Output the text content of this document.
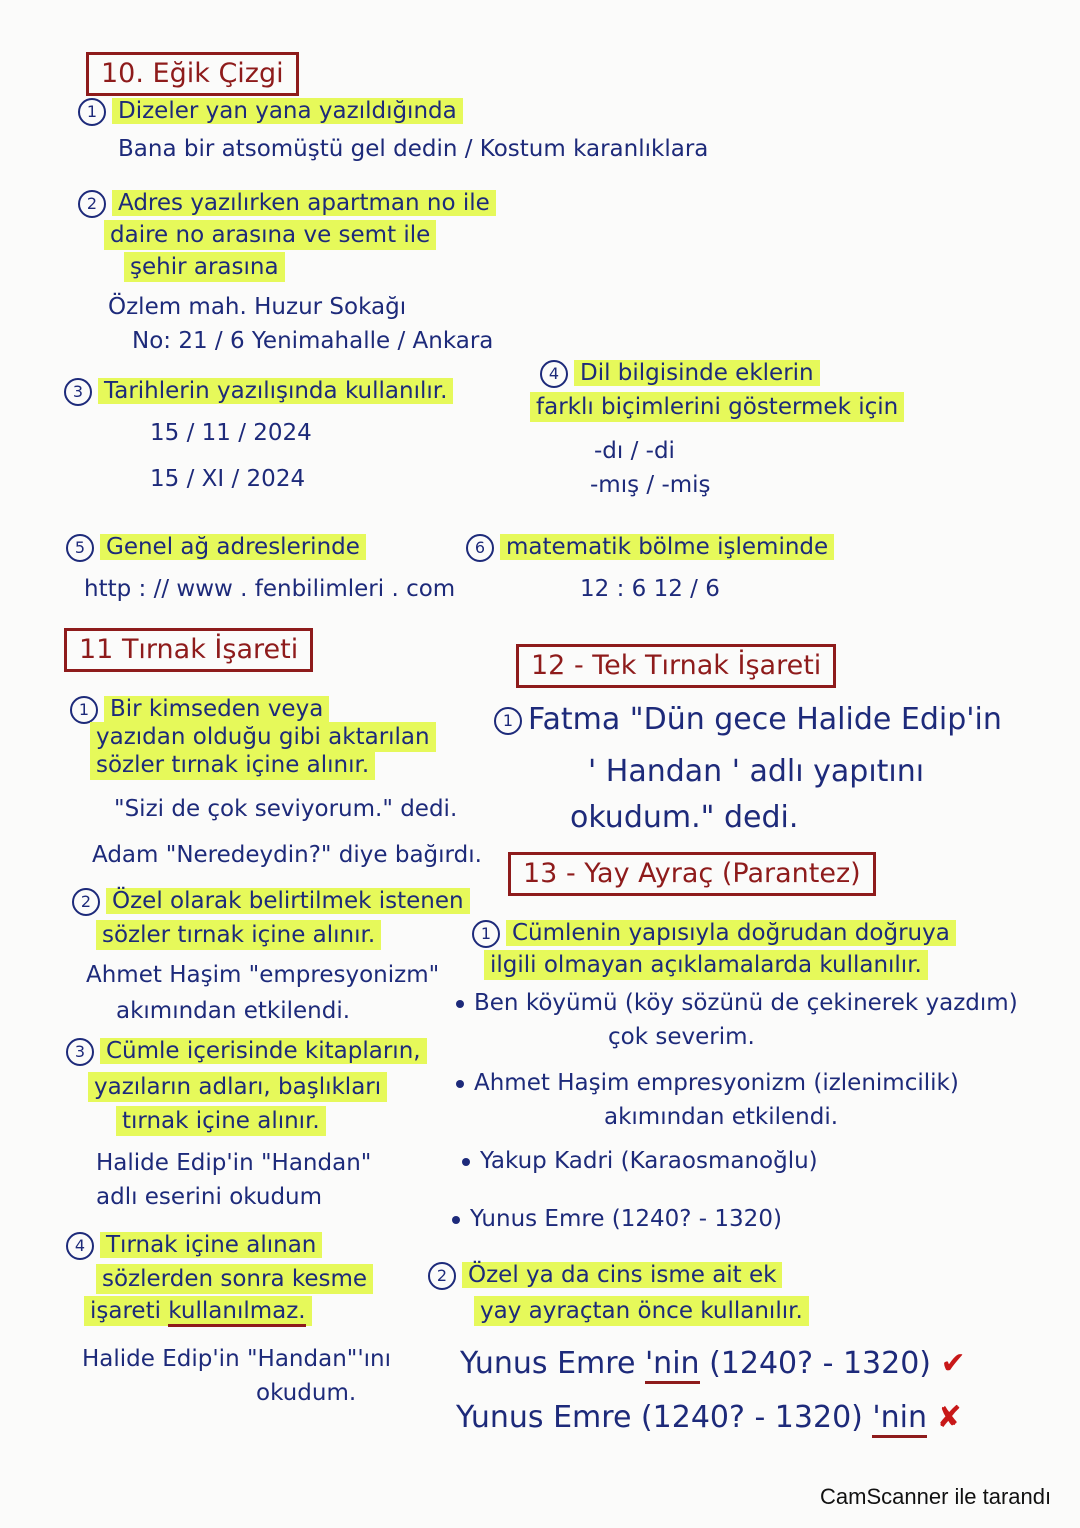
10. Eğik Çizgi
1 Dizeler yan yana yazıldığında
Bana bir atsomüştü gel dedin / Kostum karanlıklara
2 Adres yazılırken apartman no ile
daire no arasına ve semt ile
şehir arasına
Özlem mah. Huzur Sokağı
No: 21 / 6 Yenimahalle / Ankara
3 Tarihlerin yazılışında kullanılır.
15 / 11 / 2024
15 / XI / 2024
4 Dil bilgisinde eklerin
farklı biçimlerini göstermek için
-dı / -di
-mış / -miş
5 Genel ağ adreslerinde
http : // www . fenbilimleri . com
6 matematik bölme işleminde
12 : 6 12 / 6
11 Tırnak İşareti
1 Bir kimseden veya
yazıdan olduğu gibi aktarılan
sözler tırnak içine alınır.
"Sizi de çok seviyorum." dedi.
Adam "Neredeydin?" diye bağırdı.
2 Özel olarak belirtilmek istenen
sözler tırnak içine alınır.
Ahmet Haşim "empresyonizm"
akımından etkilendi.
3 Cümle içerisinde kitapların,
yazıların adları, başlıkları
tırnak içine alınır.
Halide Edip'in "Handan"
adlı eserini okudum
4 Tırnak içine alınan
sözlerden sonra kesme
işareti kullanılmaz.
Halide Edip'in "Handan"'ını
okudum.
12 - Tek Tırnak İşareti
1 Fatma "Dün gece Halide Edip'in
' Handan ' adlı yapıtını
okudum." dedi.
13 - Yay Ayraç (Parantez)
1 Cümlenin yapısıyla doğrudan doğruya
ilgili olmayan açıklamalarda kullanılır.
Ben köyümü (köy sözünü de çekinerek yazdım)
çok severim.
Ahmet Haşim empresyonizm (izlenimcilik)
akımından etkilendi.
Yakup Kadri (Karaosmanoğlu)
Yunus Emre (1240? - 1320)
2 Özel ya da cins isme ait ek
yay ayraçtan önce kullanılır.
Yunus Emre 'nin (1240? - 1320) ✔
Yunus Emre (1240? - 1320) 'nin ✘
CamScanner ile tarandı
